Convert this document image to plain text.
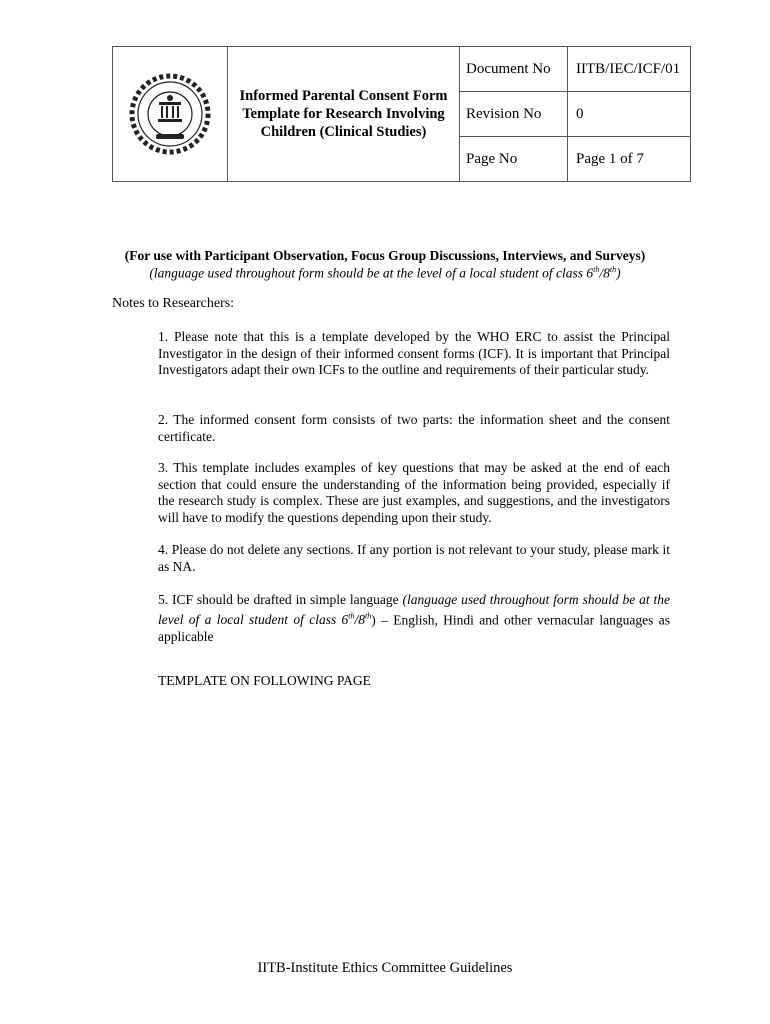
Informed Parental Consent Form
Template for Research Involving
Children (Clinical Studies)	Document No	IITB/IEC/ICF/01
		Revision No	0
		Page No	Page 1 of 7
(For use with Participant Observation, Focus Group Discussions, Interviews, and Surveys)
(language used throughout form should be at the level of a local student of class 6th/8th)
Notes to Researchers:
1. Please note that this is a template developed by the WHO ERC to assist the Principal Investigator in the design of their informed consent forms (ICF). It is important that Principal Investigators adapt their own ICFs to the outline and requirements of their particular study.
2. The informed consent form consists of two parts: the information sheet and the consent certificate.
3. This template includes examples of key questions that may be asked at the end of each section that could ensure the understanding of the information being provided, especially if the research study is complex. These are just examples, and suggestions, and the investigators will have to modify the questions depending upon their study.
4. Please do not delete any sections. If any portion is not relevant to your study, please mark it as NA.
5. ICF should be drafted in simple language (language used throughout form should be at the level of a local student of class 6th/8th) – English, Hindi and other vernacular languages as applicable
TEMPLATE ON FOLLOWING PAGE
IITB-Institute Ethics Committee Guidelines
